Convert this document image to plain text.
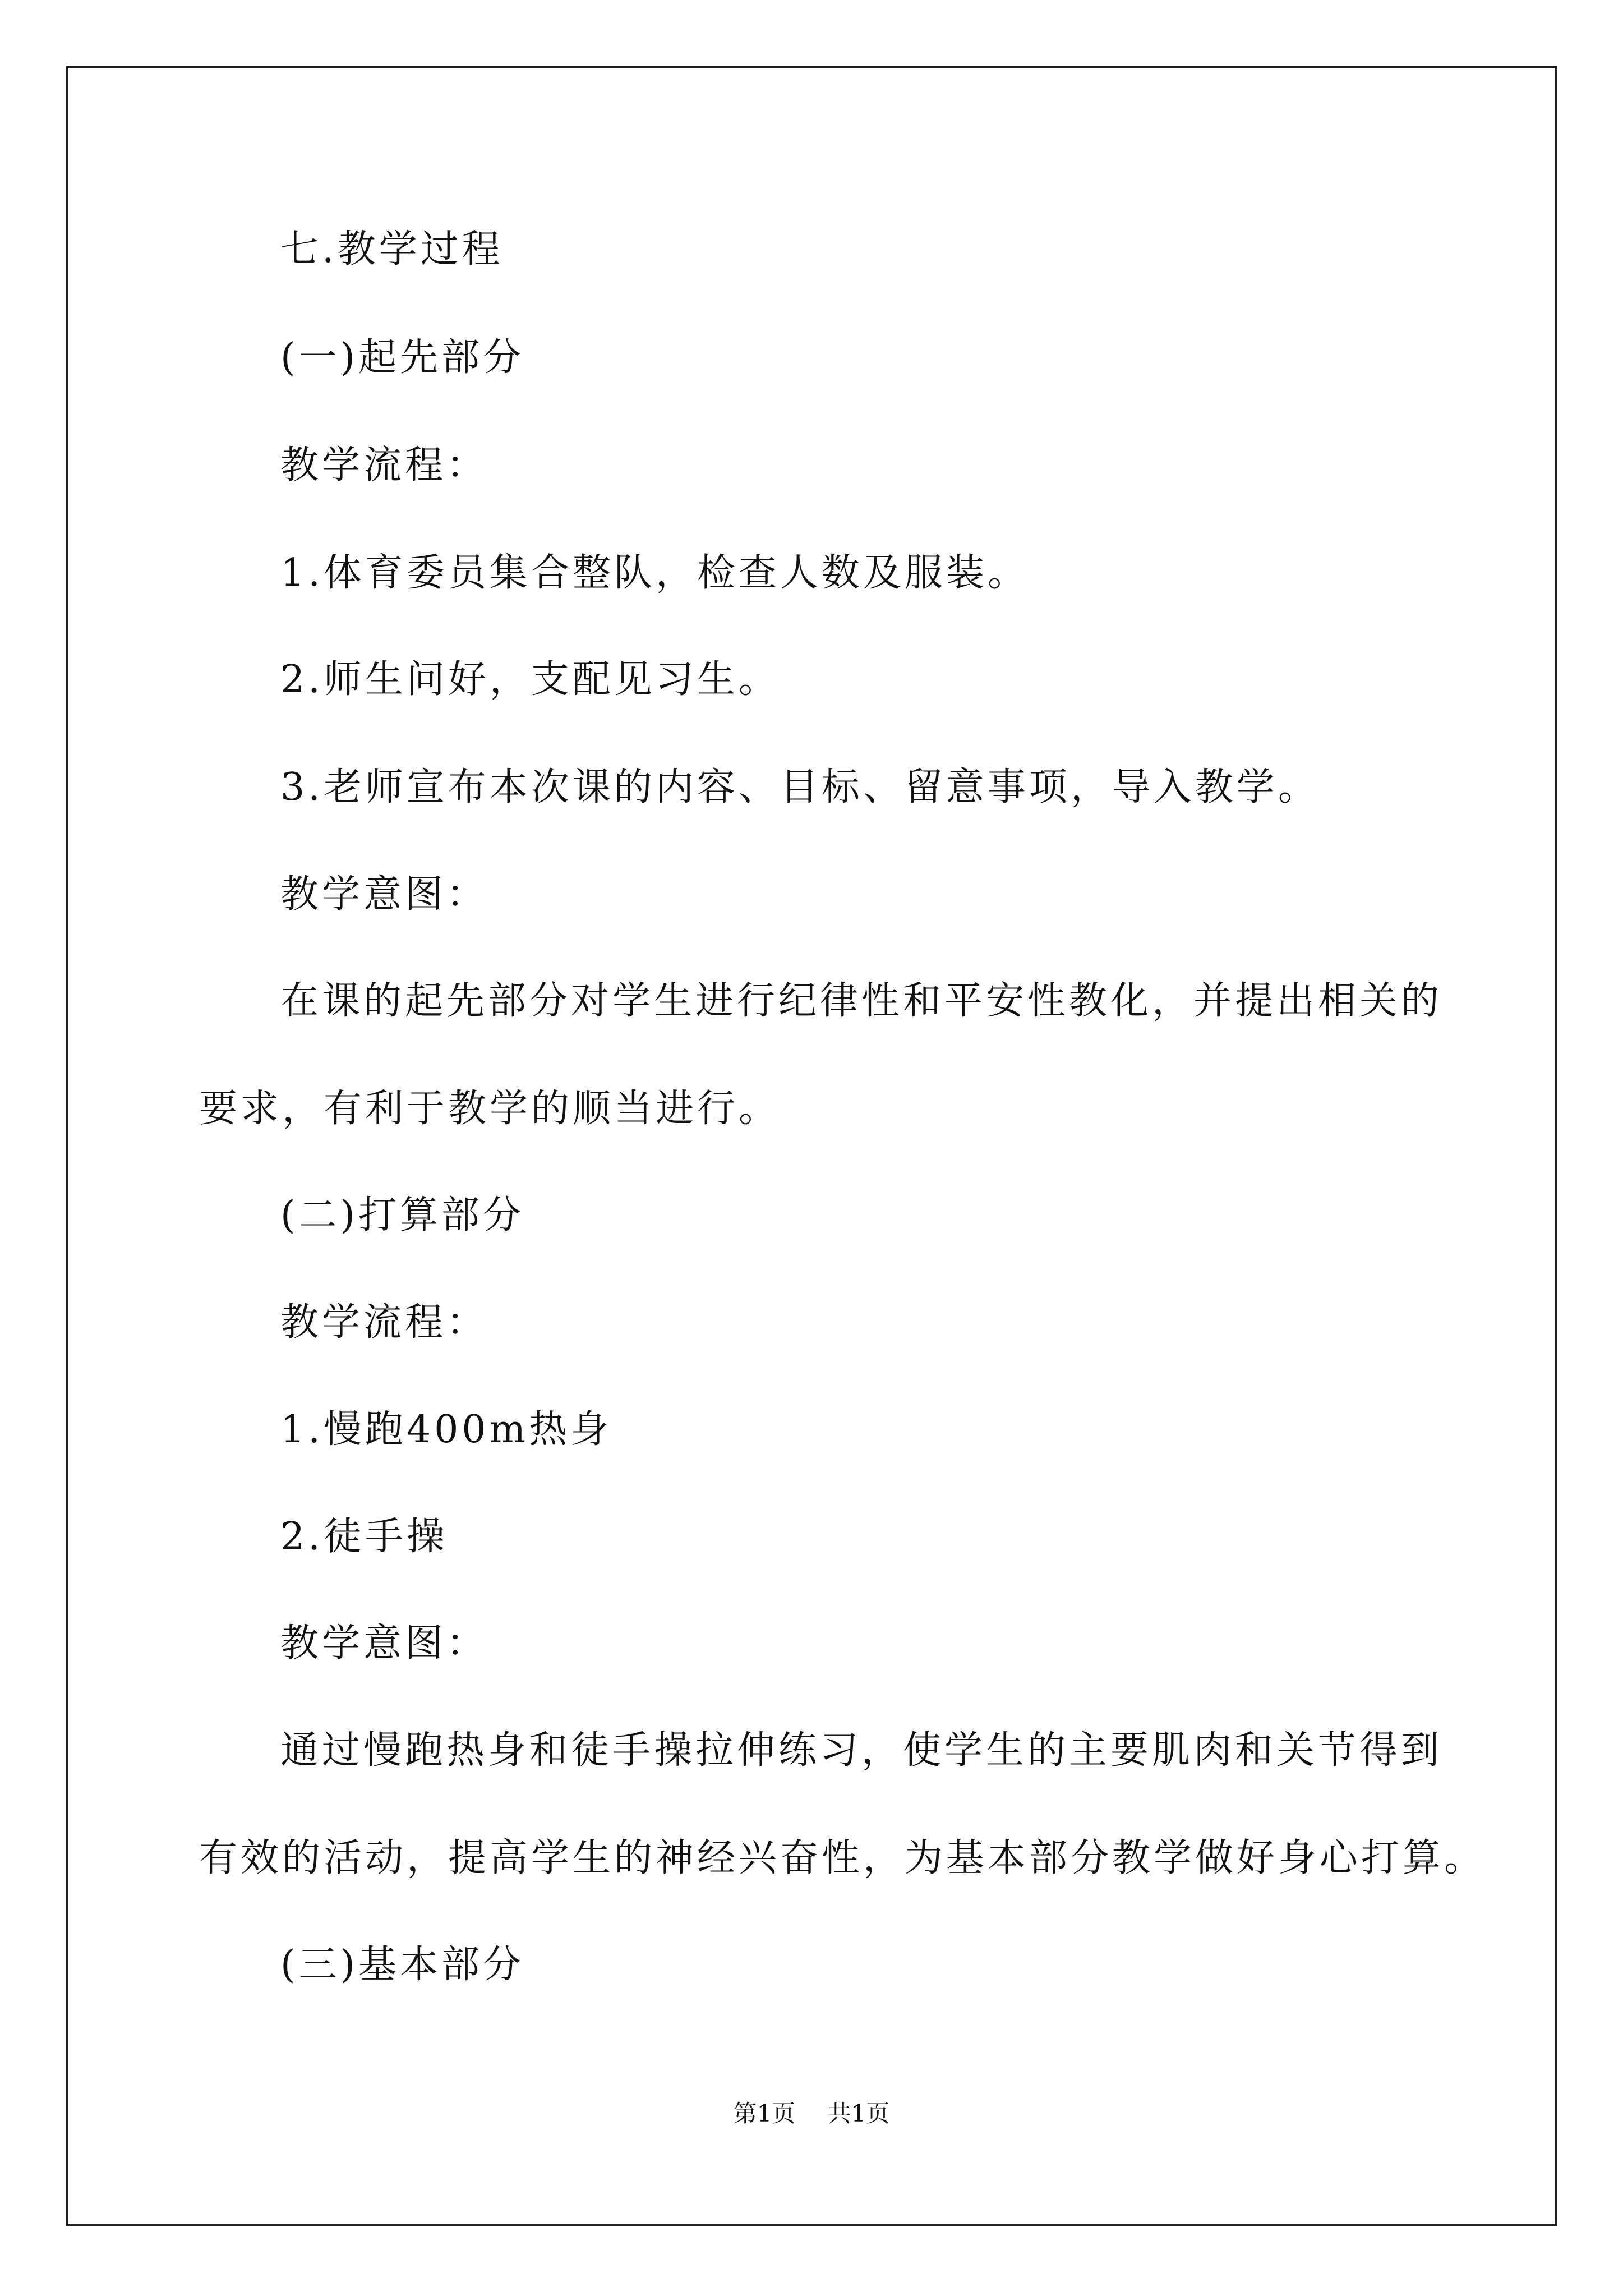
七.教学过程
(一)起先部分
教学流程：
1.体育委员集合整队，检查人数及服装。
2.师生问好，支配见习生。
3.老师宣布本次课的内容、目标、留意事项，导入教学。
教学意图：
在课的起先部分对学生进行纪律性和平安性教化，并提出相关的
要求，有利于教学的顺当进行。
(二)打算部分
教学流程：
1.慢跑400m热身
2.徒手操
教学意图：
通过慢跑热身和徒手操拉伸练习，使学生的主要肌肉和关节得到
有效的活动，提高学生的神经兴奋性，为基本部分教学做好身心打算。
(三)基本部分
第1页 共1页
